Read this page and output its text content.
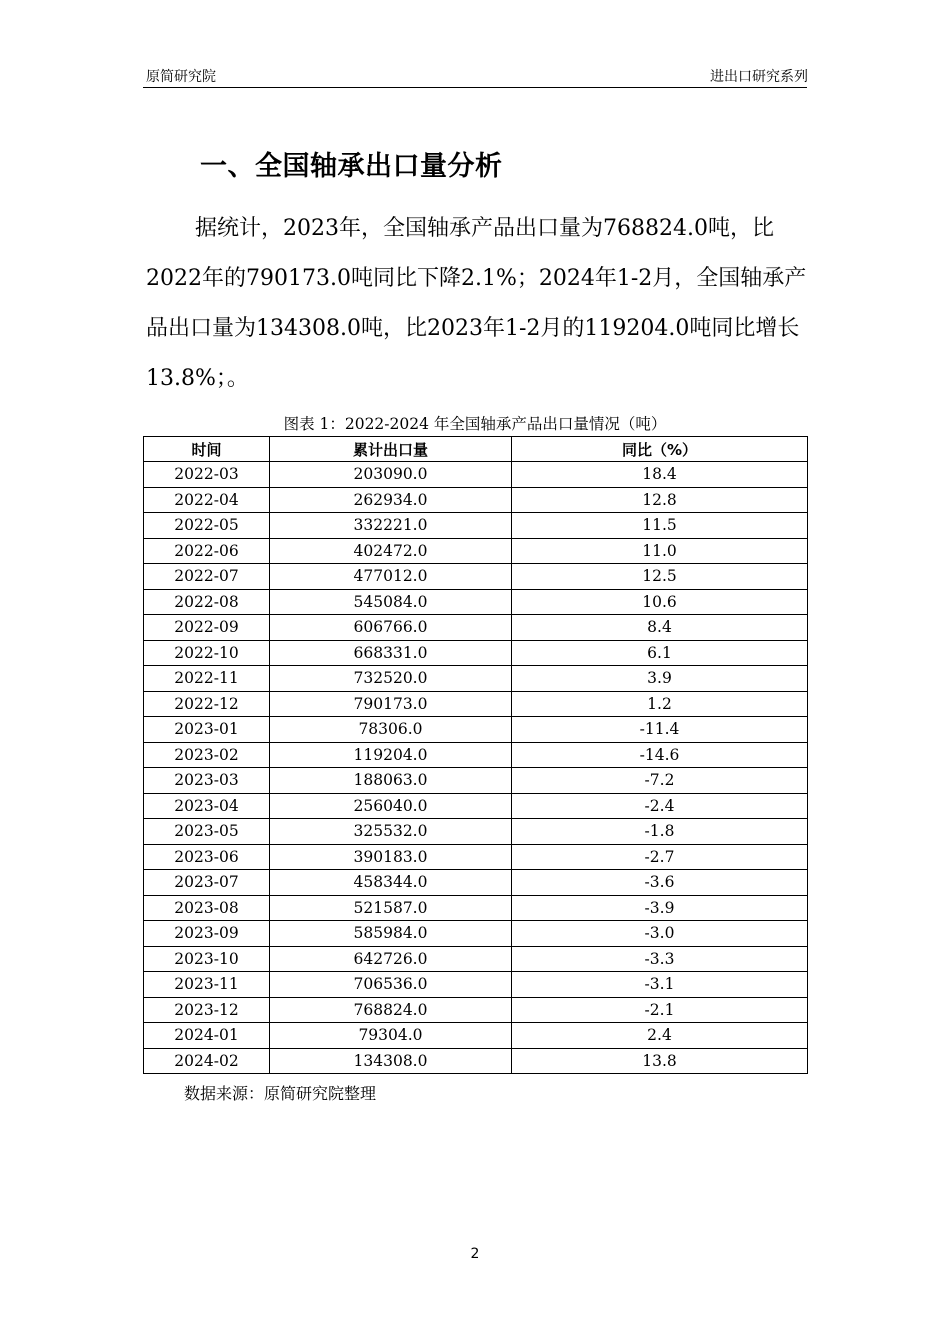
原简研究院	进出口研究系列
一、全国轴承出口量分析

据统计，2023年，全国轴承产品出口量为768824.0吨，比2022年的790173.0吨同比下降2.1%；2024年1-2月，全国轴承产品出口量为134308.0吨，比2023年1-2月的119204.0吨同比增长13.8%；。

图表 1：2022-2024 年全国轴承产品出口量情况（吨）
时间	累计出口量	同比（%）
2022-03	203090.0	18.4
2022-04	262934.0	12.8
2022-05	332221.0	11.5
2022-06	402472.0	11.0
2022-07	477012.0	12.5
2022-08	545084.0	10.6
2022-09	606766.0	8.4
2022-10	668331.0	6.1
2022-11	732520.0	3.9
2022-12	790173.0	1.2
2023-01	78306.0	-11.4
2023-02	119204.0	-14.6
2023-03	188063.0	-7.2
2023-04	256040.0	-2.4
2023-05	325532.0	-1.8
2023-06	390183.0	-2.7
2023-07	458344.0	-3.6
2023-08	521587.0	-3.9
2023-09	585984.0	-3.0
2023-10	642726.0	-3.3
2023-11	706536.0	-3.1
2023-12	768824.0	-2.1
2024-01	79304.0	2.4
2024-02	134308.0	13.8
数据来源：原简研究院整理
2
